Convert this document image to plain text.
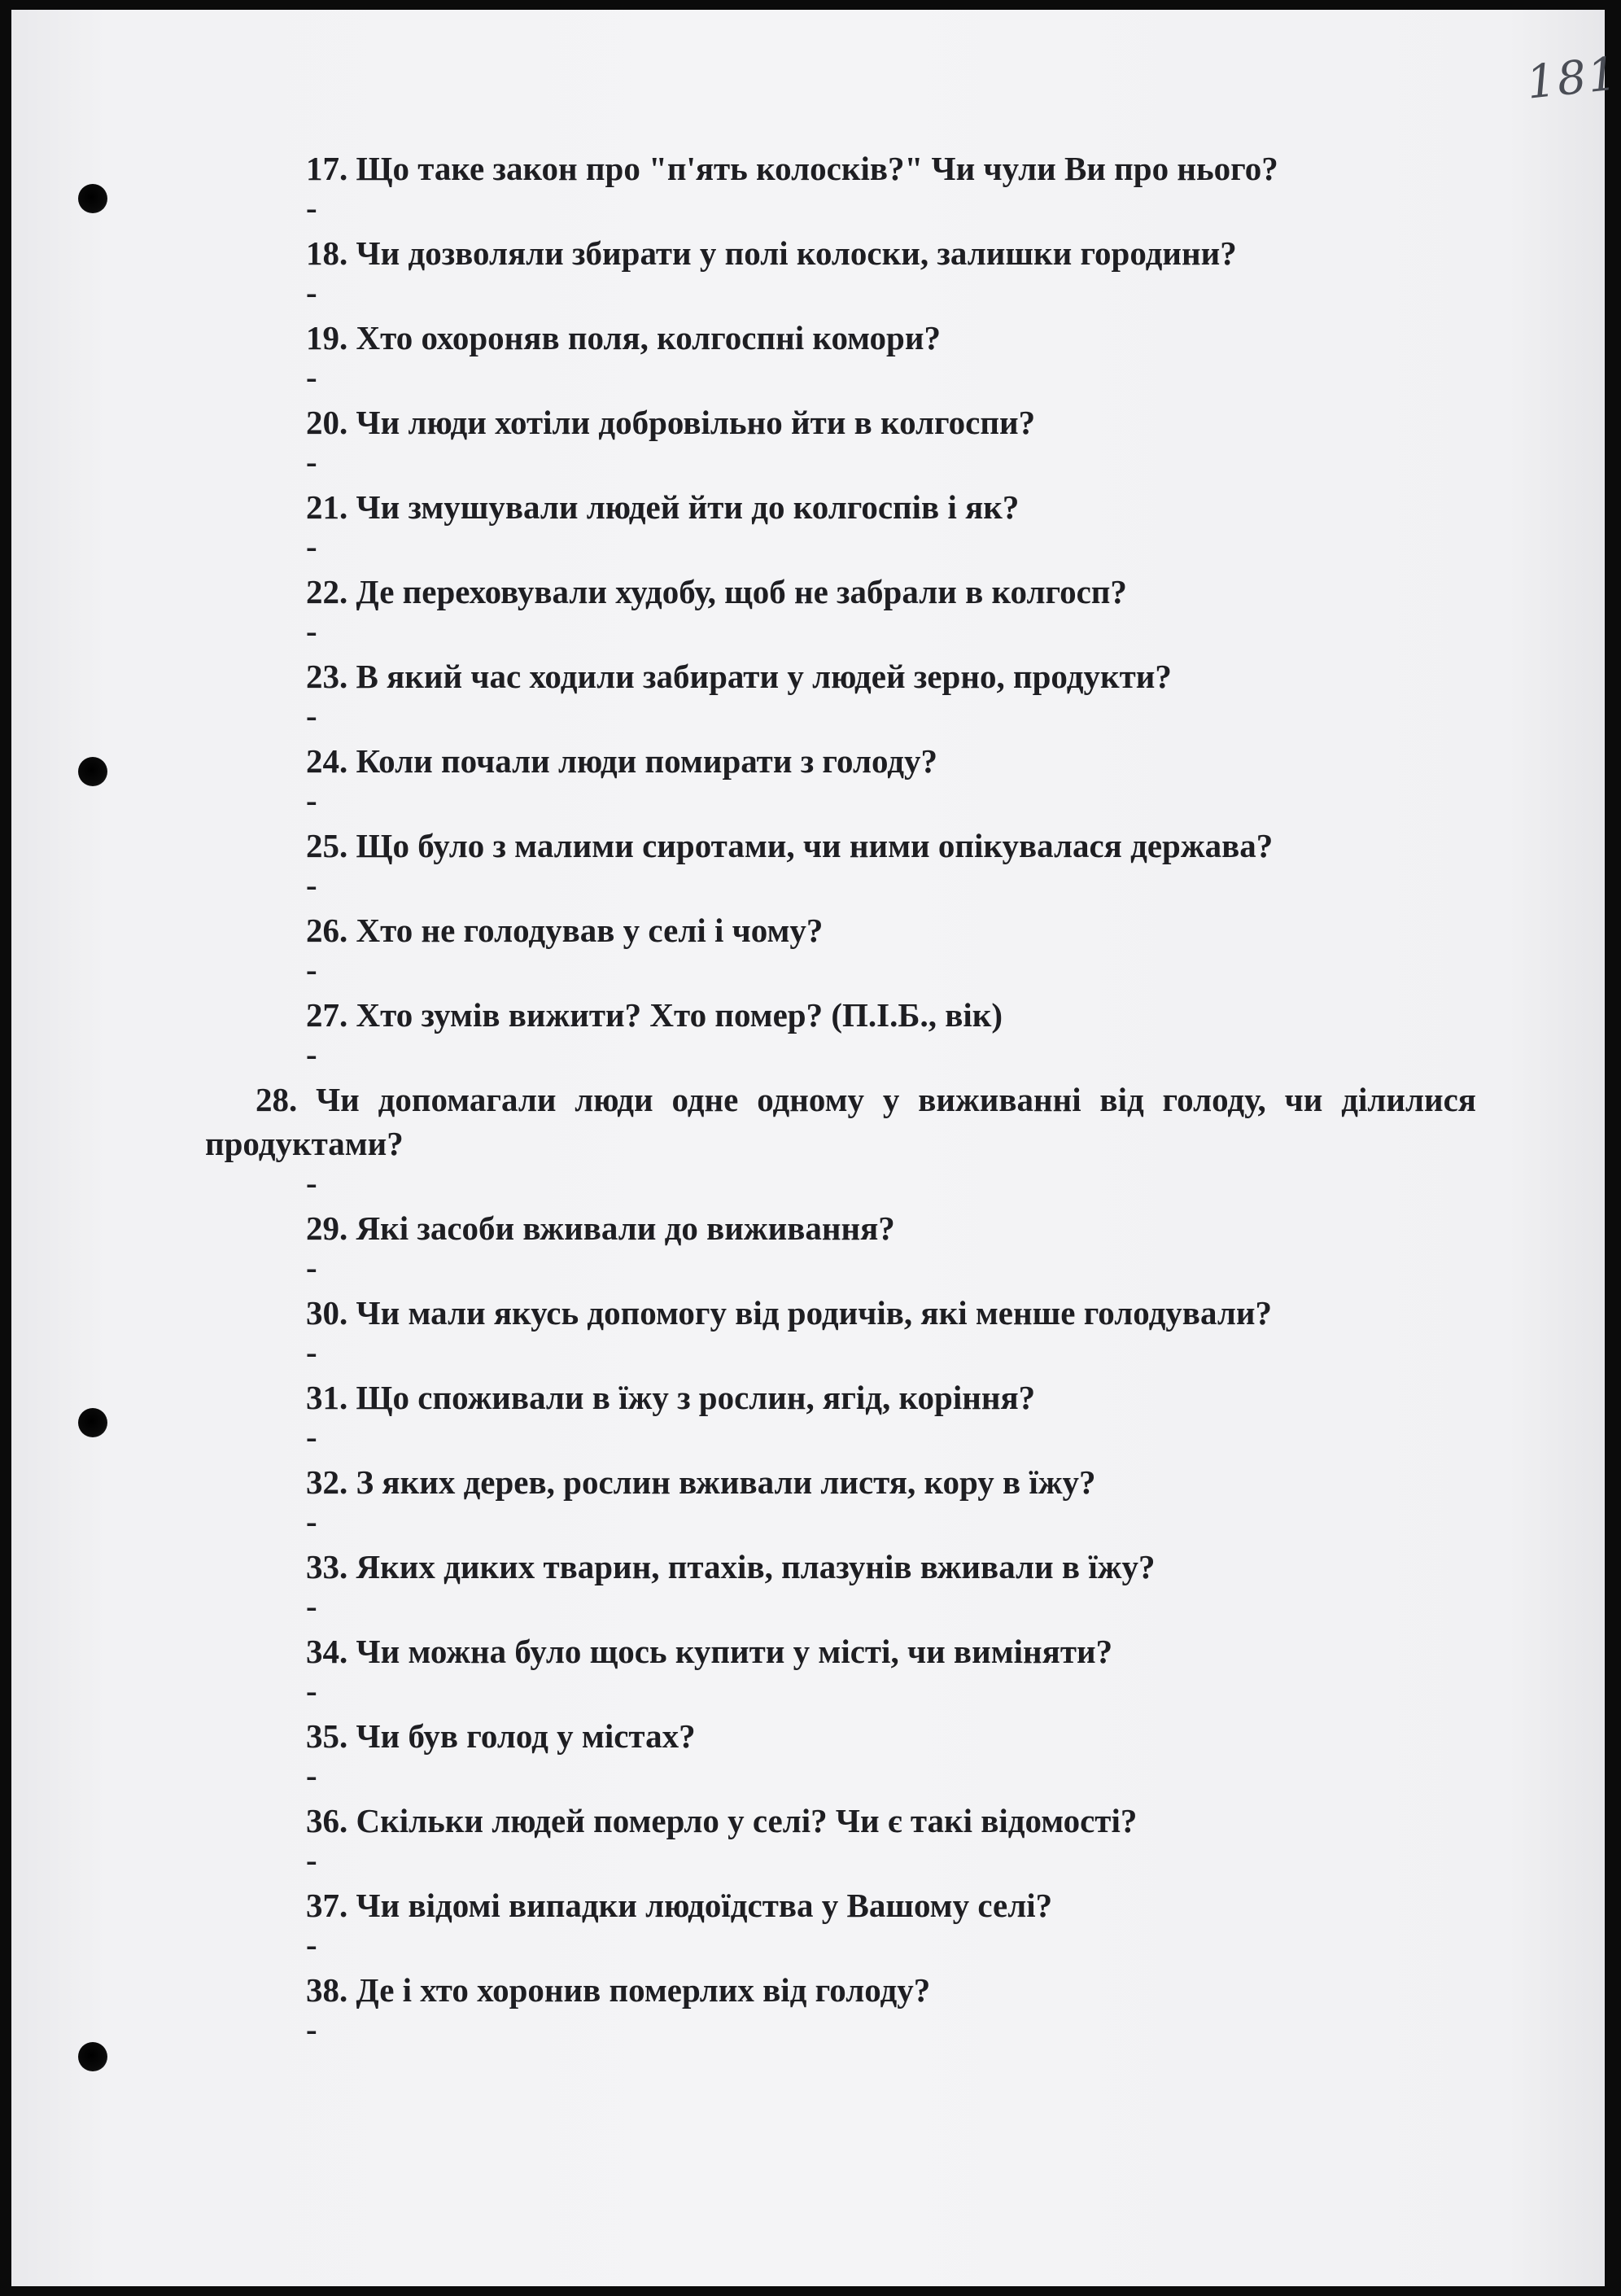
181
17. Що таке закон про "п'ять колосків?" Чи чули Ви про нього?
-
18. Чи дозволяли збирати у полі колоски, залишки городини?
-
19. Хто охороняв поля, колгоспні комори?
-
20. Чи люди хотіли добровільно йти в колгоспи?
-
21. Чи змушували людей йти до колгоспів і як?
-
22. Де переховували худобу, щоб не забрали в колгосп?
-
23. В який час ходили забирати у людей зерно, продукти?
-
24. Коли почали люди помирати з голоду?
-
25. Що було з малими сиротами, чи ними опікувалася держава?
-
26. Хто не голодував у селі і чому?
-
27. Хто зумів вижити? Хто помер? (П.І.Б., вік)
-
28. Чи допомагали люди одне одному у виживанні від голоду, чи ділилися продуктами?
-
29. Які засоби вживали до виживання?
-
30. Чи мали якусь допомогу від родичів, які менше голодували?
-
31. Що споживали в їжу з рослин, ягід, коріння?
-
32. З яких дерев, рослин вживали листя, кору в їжу?
-
33. Яких диких тварин, птахів, плазунів вживали в їжу?
-
34. Чи можна було щось купити у місті, чи виміняти?
-
35. Чи був голод у містах?
-
36. Скільки людей померло у селі? Чи є такі відомості?
-
37. Чи відомі випадки людоїдства у Вашому селі?
-
38. Де і хто хоронив померлих від голоду?
-
